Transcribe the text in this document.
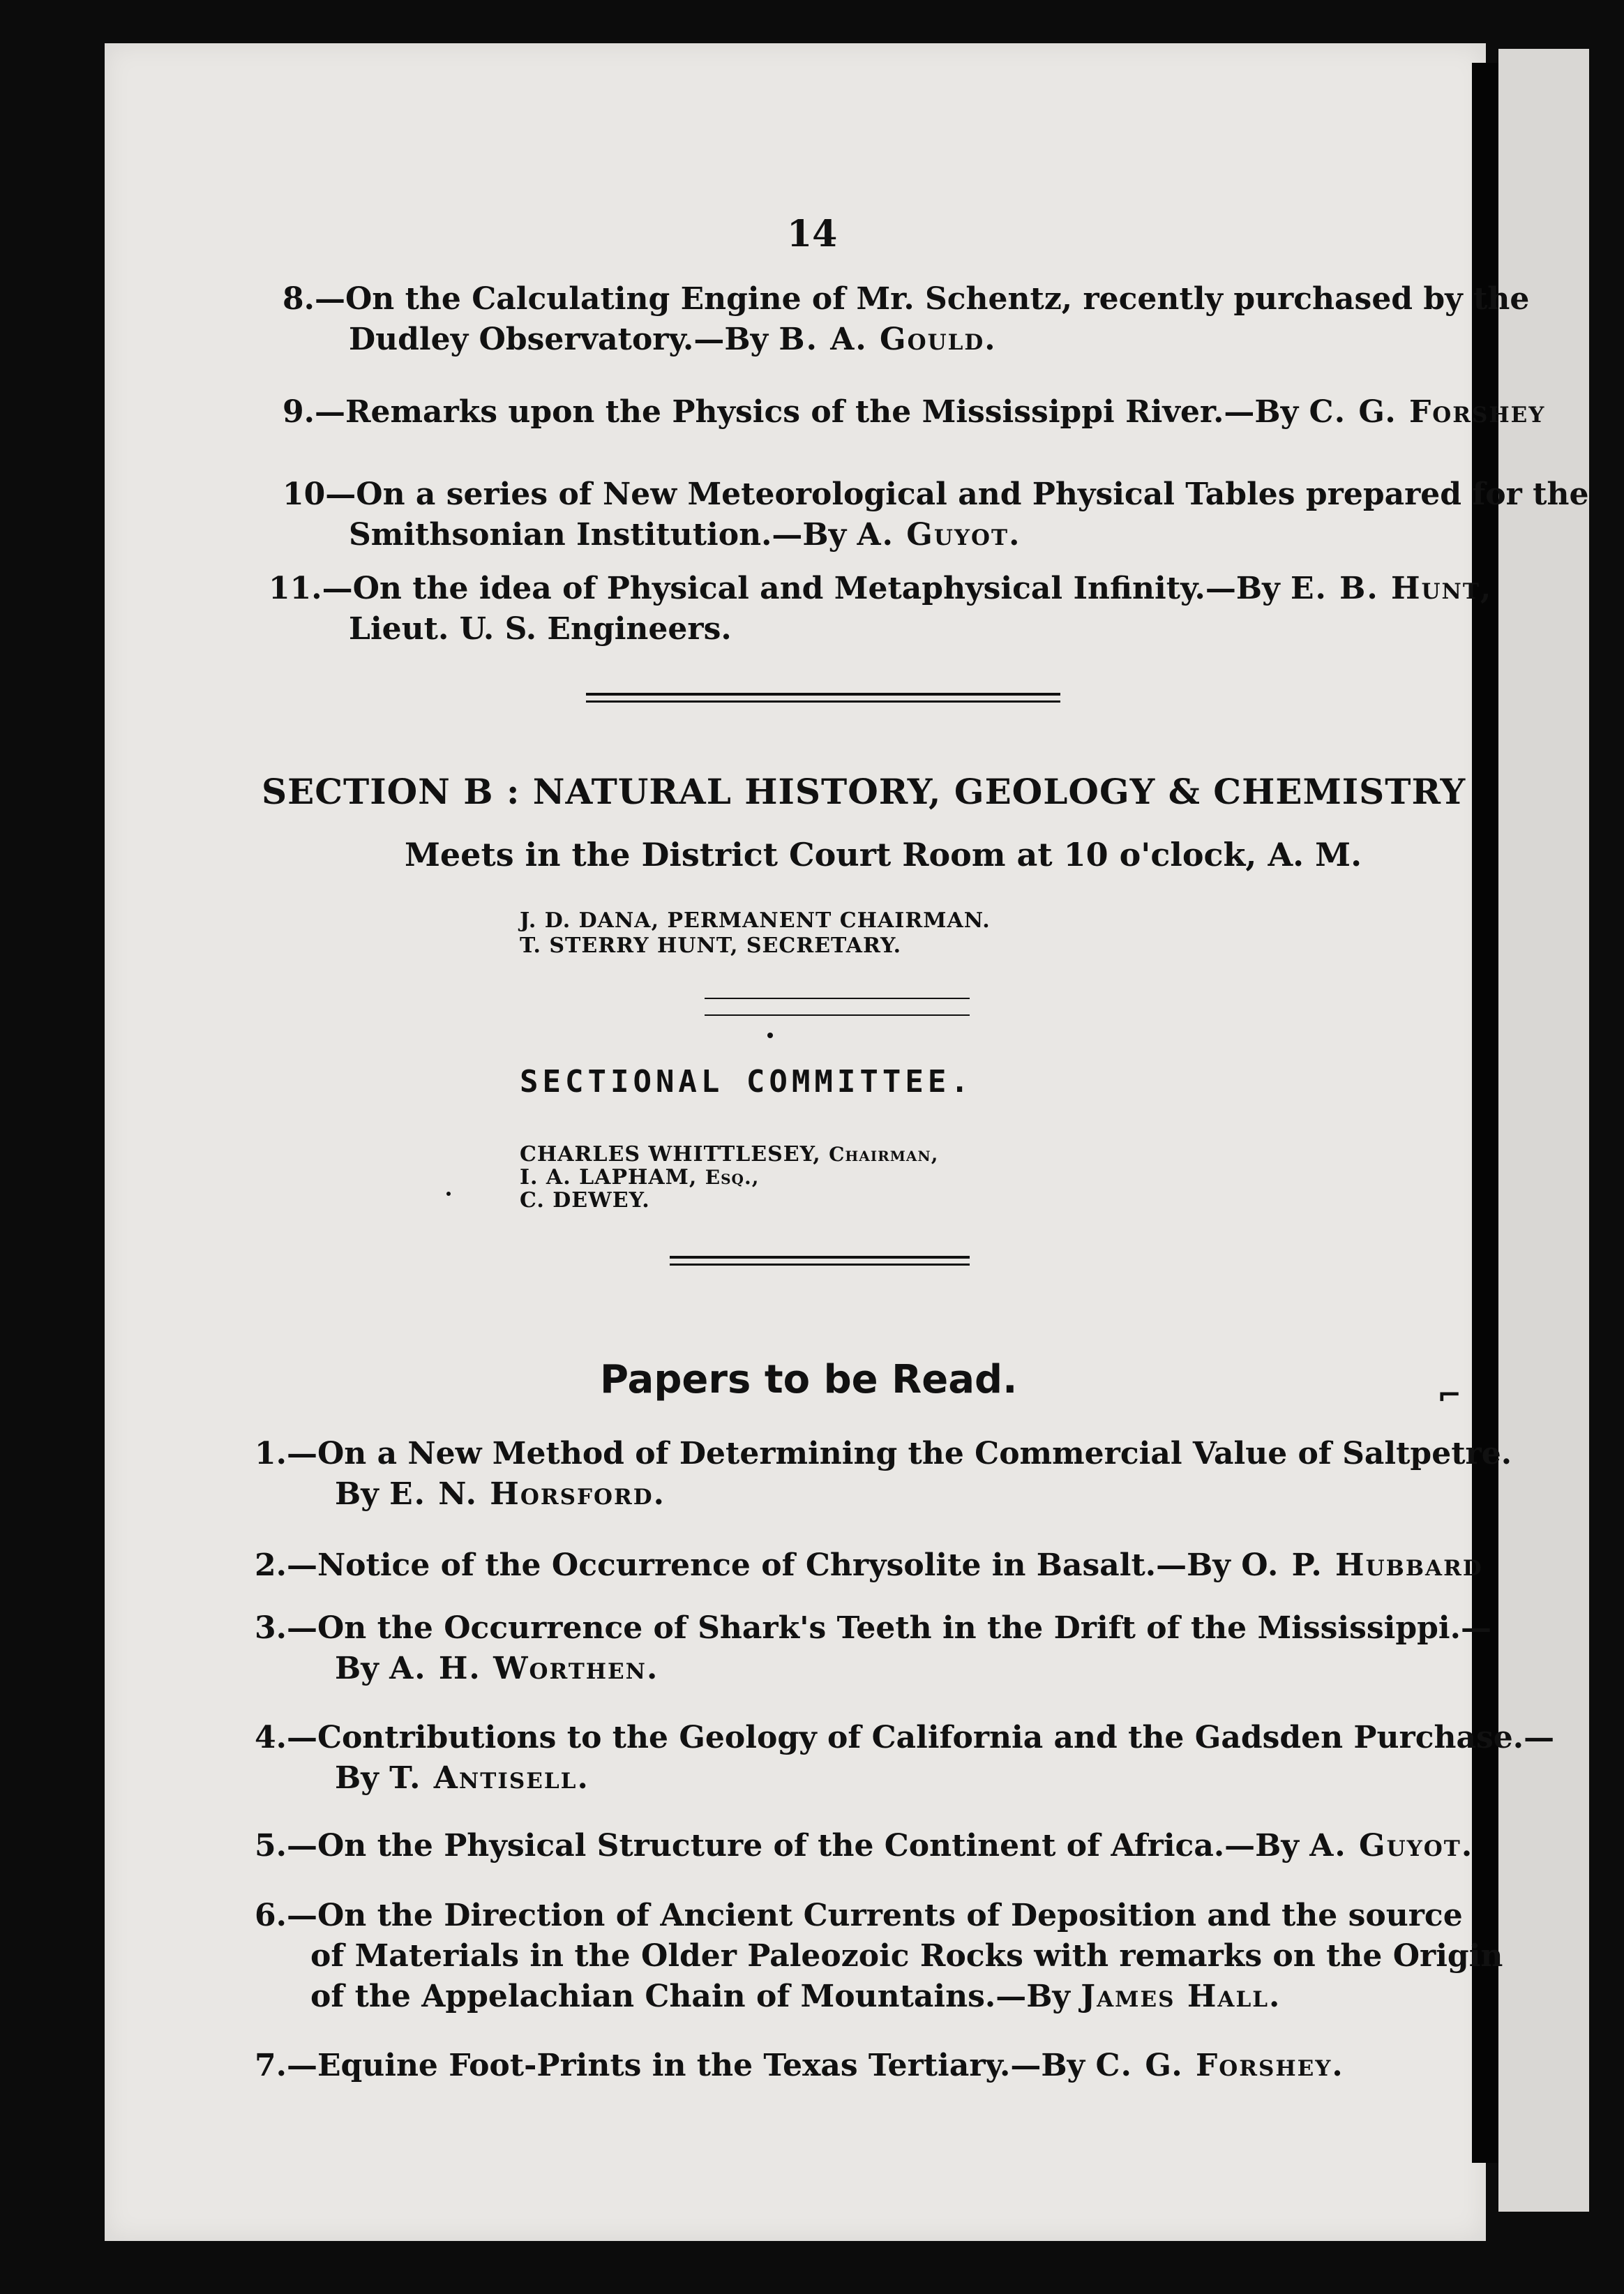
14
8.—On the Calculating Engine of Mr. Schentz, recently purchased by the
Dudley Observatory.—By B. A. Gould.
9.—Remarks upon the Physics of the Mississippi River.—By C. G. Forshey
10—On a series of New Meteorological and Physical Tables prepared for the
Smithsonian Institution.—By A. Guyot.
11.—On the idea of Physical and Metaphysical Infinity.—By E. B. Hunt,
Lieut. U. S. Engineers.
SECTION B : NATURAL HISTORY, GEOLOGY & CHEMISTRY
Meets in the District Court Room at 10 o'clock, A. M.
J. D. DANA, PERMANENT CHAIRMAN.
T. STERRY HUNT, SECRETARY.
SECTIONAL COMMITTEE.
CHARLES WHITTLESEY, Chairman,
I. A. LAPHAM, Esq.,
C. DEWEY.
Papers to be Read.
1.—On a New Method of Determining the Commercial Value of Saltpetre.
By E. N. Horsford.
2.—Notice of the Occurrence of Chrysolite in Basalt.—By O. P. Hubbard
3.—On the Occurrence of Shark's Teeth in the Drift of the Mississippi.—
By A. H. Worthen.
4.—Contributions to the Geology of California and the Gadsden Purchase.—
By T. Antisell.
5.—On the Physical Structure of the Continent of Africa.—By A. Guyot.
6.—On the Direction of Ancient Currents of Deposition and the source
of Materials in the Older Paleozoic Rocks with remarks on the Origin
of the Appelachian Chain of Mountains.—By James Hall.
7.—Equine Foot-Prints in the Texas Tertiary.—By C. G. Forshey.
⌐
